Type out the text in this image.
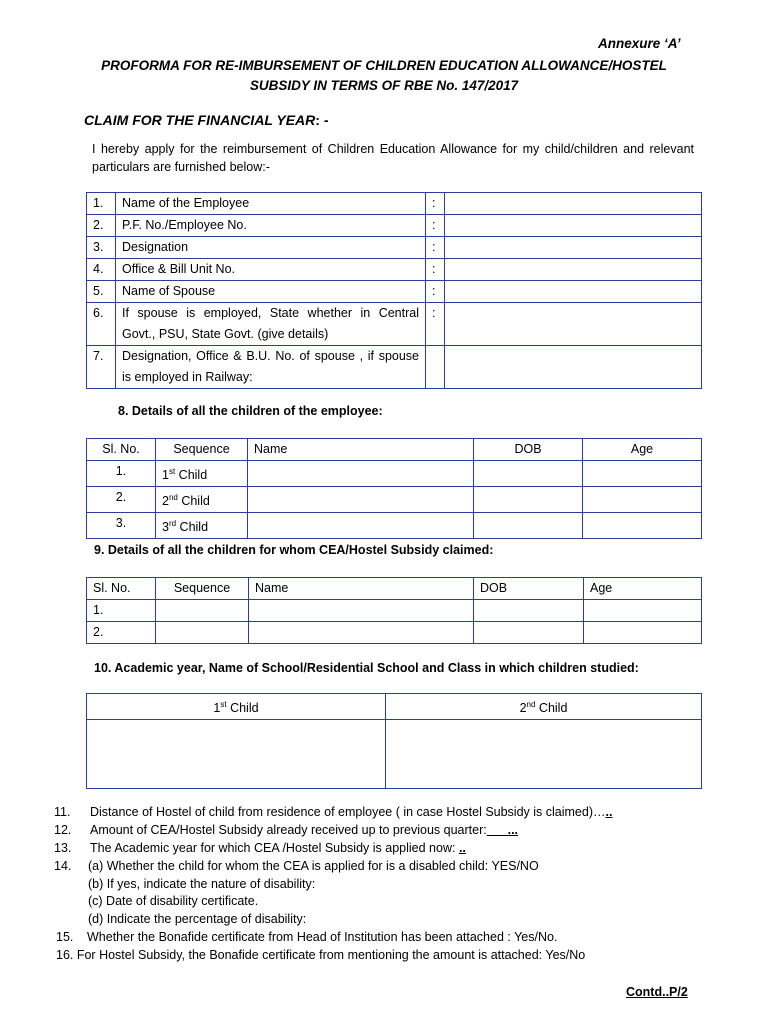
Annexure ‘A’
PROFORMA FOR RE-IMBURSEMENT OF CHILDREN EDUCATION ALLOWANCE/HOSTEL
SUBSIDY IN TERMS OF RBE No. 147/2017
CLAIM FOR THE FINANCIAL YEAR: -
I hereby apply for the reimbursement of Children Education Allowance for my child/children and relevant particulars are furnished below:-
1.	Name of the Employee	:	
2.	P.F. No./Employee No.	:	
3.	Designation	:	
4.	Office & Bill Unit No.	:	
5.	Name of Spouse	:	
6.	If spouse is employed, State whether in Central Govt., PSU, State Govt. (give details)	:	
7.	Designation, Office & B.U. No. of spouse , if spouse is employed in Railway:		
8. Details of all the children of the employee:
Sl. No.	Sequence	Name	DOB	Age
1.	1st Child			
2.	2nd Child			
3.	3rd Child			
9. Details of all the children for whom CEA/Hostel Subsidy claimed:
Sl. No.	Sequence	Name	DOB	Age
1.				
2.				
10. Academic year, Name of School/Residential School and Class in which children studied:
1st Child	2nd Child

11. Distance of Hostel of child from residence of employee ( in case Hostel Subsidy is claimed)…..
12. Amount of CEA/Hostel Subsidy already received up to previous quarter:___...
13. The Academic year for which CEA /Hostel Subsidy is applied now: ..
14. (a) Whether the child for whom the CEA is applied for is a disabled child: YES/NO
(b) If yes, indicate the nature of disability:
(c) Date of disability certificate.
(d) Indicate the percentage of disability:
15. Whether the Bonafide certificate from Head of Institution has been attached : Yes/No.
16. For Hostel Subsidy, the Bonafide certificate from mentioning the amount is attached: Yes/No
Contd..P/2
